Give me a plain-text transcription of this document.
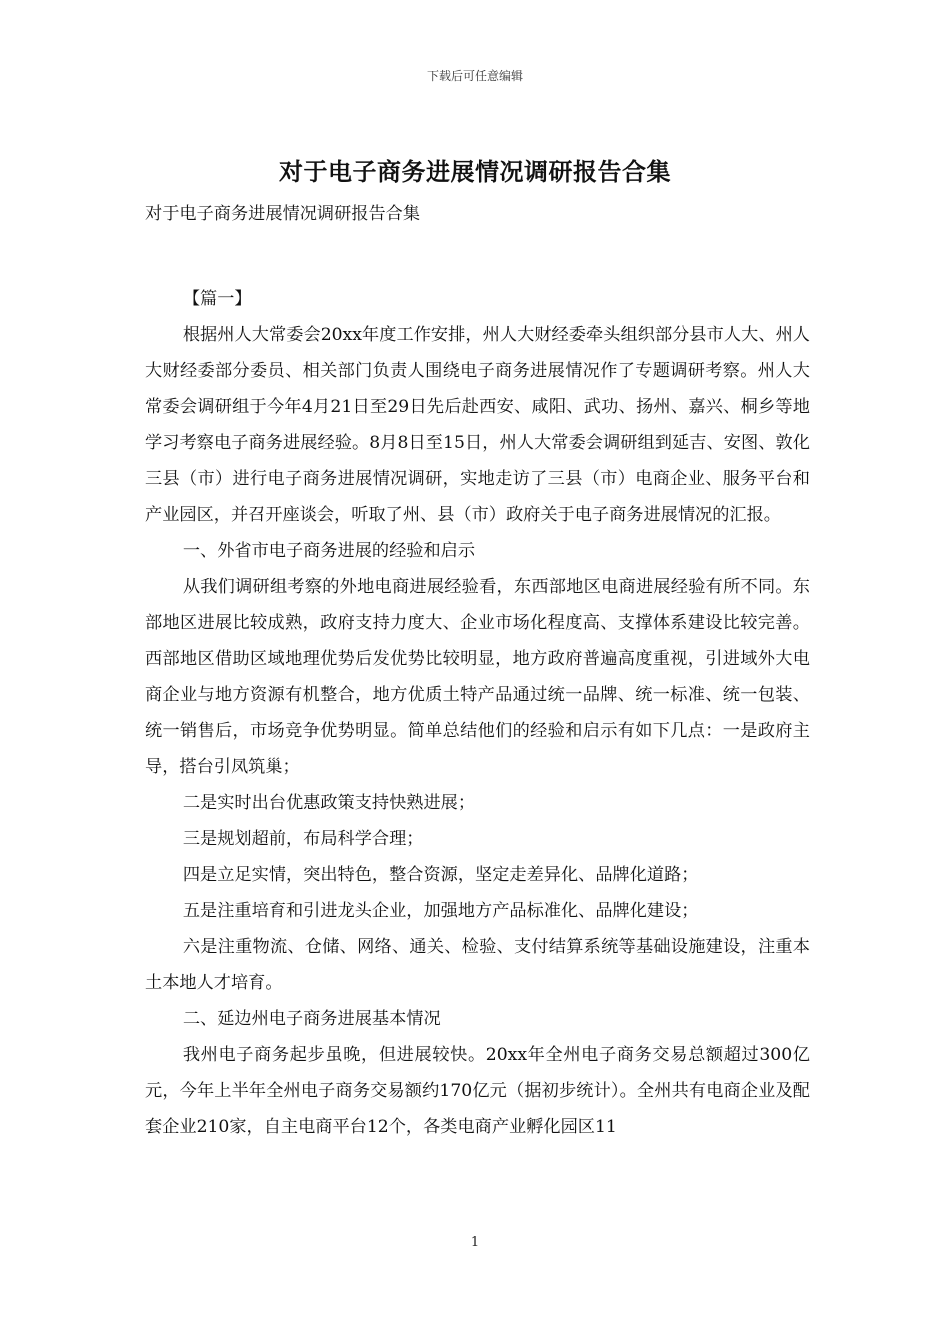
下载后可任意编辑
对于电子商务进展情况调研报告合集

对于电子商务进展情况调研报告合集

【篇一】

根据州人大常委会20xx年度工作安排，州人大财经委牵头组织部分县市人大、州人大财经委部分委员、相关部门负责人围绕电子商务进展情况作了专题调研考察。州人大常委会调研组于今年4月21日至29日先后赴西安、咸阳、武功、扬州、嘉兴、桐乡等地学习考察电子商务进展经验。8月8日至15日，州人大常委会调研组到延吉、安图、敦化三县（市）进行电子商务进展情况调研，实地走访了三县（市）电商企业、服务平台和产业园区，并召开座谈会，听取了州、县（市）政府关于电子商务进展情况的汇报。

一、外省市电子商务进展的经验和启示

从我们调研组考察的外地电商进展经验看，东西部地区电商进展经验有所不同。东部地区进展比较成熟，政府支持力度大、企业市场化程度高、支撑体系建设比较完善。西部地区借助区域地理优势后发优势比较明显，地方政府普遍高度重视，引进域外大电商企业与地方资源有机整合，地方优质土特产品通过统一品牌、统一标准、统一包装、统一销售后，市场竞争优势明显。简单总结他们的经验和启示有如下几点：一是政府主导，搭台引凤筑巢；

二是实时出台优惠政策支持快熟进展；

三是规划超前，布局科学合理；

四是立足实情，突出特色，整合资源，坚定走差异化、品牌化道路；

五是注重培育和引进龙头企业，加强地方产品标准化、品牌化建设；

六是注重物流、仓储、网络、通关、检验、支付结算系统等基础设施建设，注重本土本地人才培育。

二、延边州电子商务进展基本情况

我州电子商务起步虽晚，但进展较快。20xx年全州电子商务交易总额超过300亿元，今年上半年全州电子商务交易额约170亿元（据初步统计）。全州共有电商企业及配套企业210家，自主电商平台12个，各类电商产业孵化园区11

1
